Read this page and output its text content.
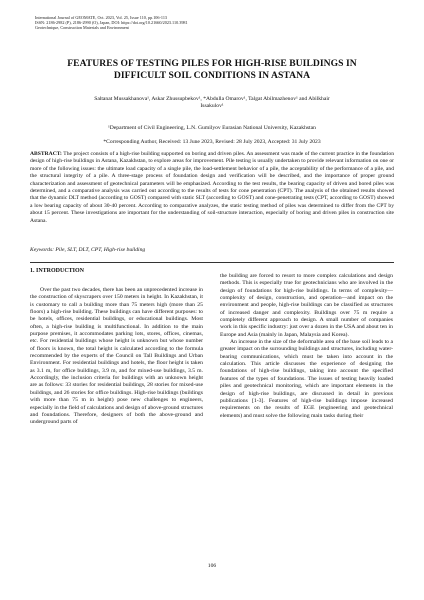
International Journal of GEOMATE, Oct. 2023, Vol. 25, Issue 110, pp.106-113
ISSN: 2186-2982 (P), 2186-2990 (O), Japan, DOI: https://doi.org/10.21660/2023.110.3981
Geotechnique, Construction Materials and Environment
FEATURES OF TESTING PILES FOR HIGH-RISE BUILDINGS IN
DIFFICULT SOIL CONDITIONS IN ASTANA
Saltanat Mussakhanova¹, Askar Zhussupbekov¹, *Abdulla Omarov¹, Talgat Abilmazhenov¹ and Abilkhair
Issakulov¹
¹Department of Civil Engineering, L.N. Gumilyov Eurasian National University, Kazakhstan
*Corresponding Author, Received: 13 June 2023, Revised: 28 July 2023, Accepted: 31 July 2023
ABSTRACT: The project consists of a high-rise building supported on boring and driven piles. An assessment was made of the current practice in the foundation design of high-rise buildings in Astana, Kazakhstan, to explore areas for improvement. Pile testing is usually undertaken to provide relevant information on one or more of the following issues: the ultimate load capacity of a single pile, the load-settlement behavior of a pile, the acceptability of the performance of a pile, and the structural integrity of a pile. A three-stage process of foundation design and verification will be described, and the importance of proper ground characterization and assessment of geotechnical parameters will be emphasized. According to the test results, the bearing capacity of driven and bored piles was determined, and a comparative analysis was carried out according to the results of tests for cone penetration (CPT). The analysis of the obtained results showed that the dynamic DLT method (according to GOST) compared with static SLT (according to GOST) and cone-penetrating tests (CPT, according to GOST) showed a low bearing capacity of about 30-40 percent. According to comparative analyzes, the static testing method of piles was determined to differ from the CPT by about 15 percent. These investigations are important for the understanding of soil-structure interaction, especially of boring and driven piles in construction site Astana.
Keywords: Pile, SLT, DLT, CPT, High-rise building
1. INTRODUCTION

Over the past two decades, there has been an unprecedented increase in the construction of skyscrapers over 150 meters in height. In Kazakhstan, it is customary to call a building more than 75 meters high (more than 25 floors) a high-rise building. These buildings can have different purposes: to be hotels, offices, residential buildings, or educational buildings. Most often, a high-rise building is multifunctional. In addition to the main purpose premises, it accommodates parking lots, stores, offices, cinemas, etc. For residential buildings whose height is unknown but whose number of floors is known, the total height is calculated according to the formula recommended by the experts of the Council on Tall Buildings and Urban Environment. For residential buildings and hotels, the floor height is taken as 3.1 m, for office buildings, 3.9 m, and for mixed-use buildings, 3.5 m. Accordingly, the inclusion criteria for buildings with an unknown height are as follows: 33 stories for residential buildings, 28 stories for mixed-use buildings, and 26 stories for office buildings. High-rise buildings (buildings with more than 75 m in height) pose new challenges to engineers, especially in the field of calculations and design of above-ground structures and foundations. Therefore, designers of both the above-ground and underground parts of

the building are forced to resort to more complex calculations and design methods. This is especially true for geotechnicians who are involved in the design of foundations for high-rise buildings. In terms of complexity—complexity of design, construction, and operation—and impact on the environment and people, high-rise buildings can be classified as structures of increased danger and complexity. Buildings over 75 m require a completely different approach to design. A small number of companies work in this specific industry: just over a dozen in the USA and about ten in Europe and Asia (mainly in Japan, Malaysia and Korea).

An increase in the size of the deformable area of the base soil leads to a greater impact on the surrounding buildings and structures, including water-bearing communications, which must be taken into account in the calculation. This article discusses the experience of designing the foundations of high-rise buildings, taking into account the specified features of the types of foundations. The issues of testing heavily loaded piles and geotechnical monitoring, which are important elements in the design of high-rise buildings, are discussed in detail in previous publications [1-3]. Features of high-rise buildings impose increased requirements on the results of EGE (engineering and geotechnical elements) and must solve the following main tasks during their

106
